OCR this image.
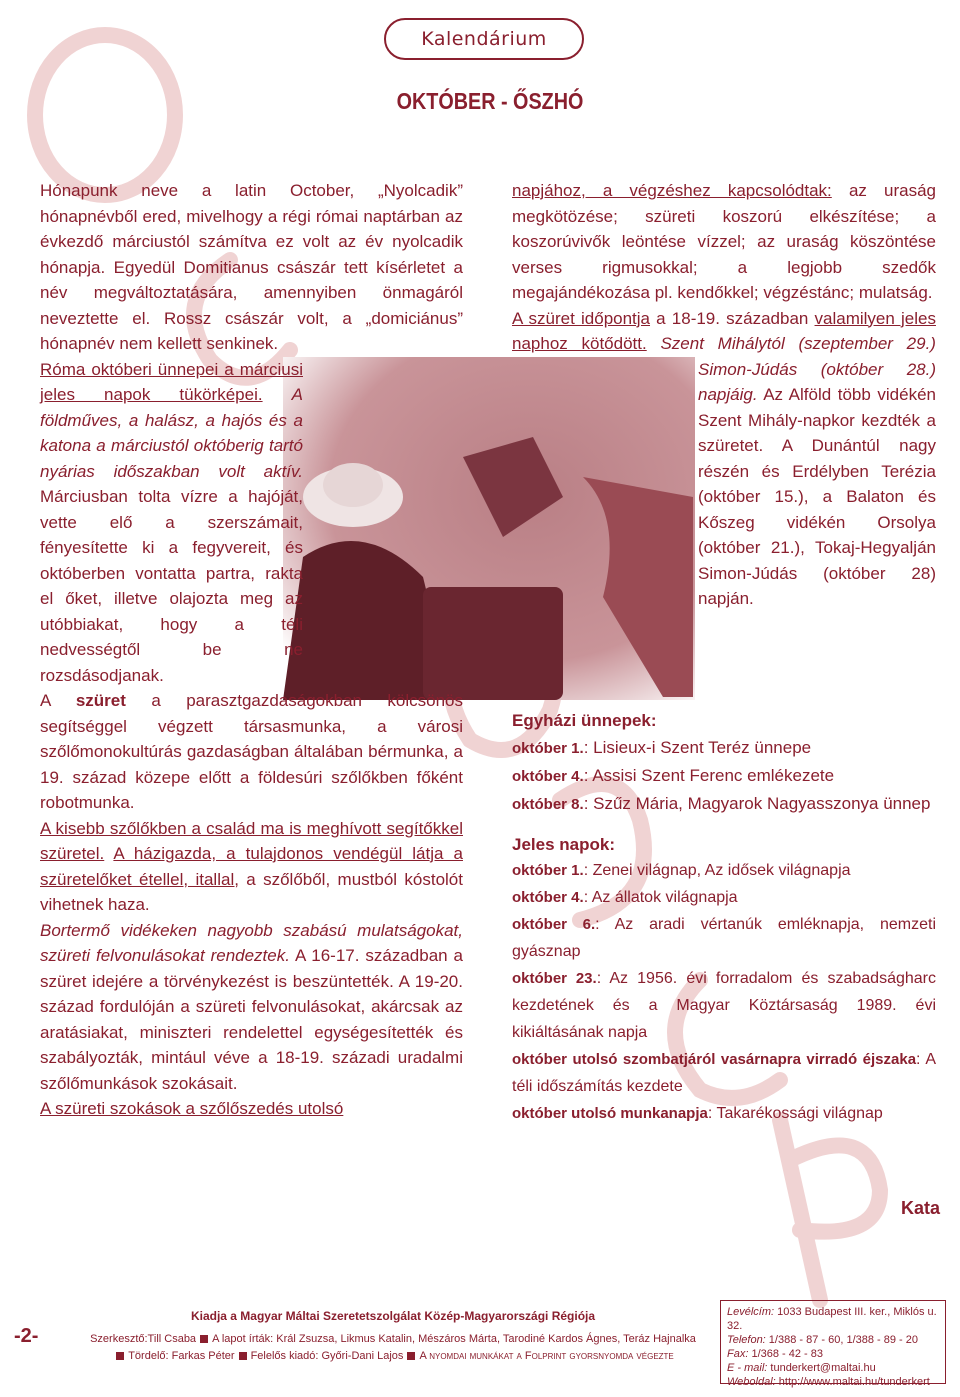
Kalendárium
OKTÓBER - ŐSZHÓ

Hónapunk neve a latin October, „Nyolcadik” hónapnévből ered, mivelhogy a régi római naptárban az évkezdő márciustól számítva ez volt az év nyolcadik hónapja. Egyedül Domitianus császár tett kísérletet a név megváltoztatására, amennyiben önmagáról neveztette el. Rossz császár volt, a „domiciánus” hónapnév nem kellett senkinek.

Róma októberi ünnepei a márciusi jeles napok tükörképei. A földműves, a halász, a hajós és a katona a márciustól októberig tartó nyárias időszakban volt aktív. Márciusban tolta vízre a hajóját, vette elő a szerszámait, fényesítette ki a fegyvereit, és októberben vontatta partra, rakta el őket, illetve olajozta meg az utóbbiakat, hogy a téli nedvességtől be ne rozsdásodjanak.

A szüret a parasztgazdaságokban kölcsönös segítséggel végzett társasmunka, a városi szőlőmonokultúrás gazdaságban általában bérmunka, a 19. század közepe előtt a földesúri szőlőkben főként robotmunka.

A kisebb szőlőkben a család ma is meghívott segítőkkel szüretel. A házigazda, a tulajdonos vendégül látja a szüretelőket étellel, itallal, a szőlőből, mustból kóstolót vihetnek haza.

Bortermő vidékeken nagyobb szabású mulatságokat, szüreti felvonulásokat rendeztek. A 16-17. században a szüret idejére a törvénykezést is beszüntették. A 19-20. század fordulóján a szüreti felvonulásokat, akárcsak az aratásiakat, miniszteri rendelettel egységesítették és szabályozták, mintául véve a 18-19. századi uradalmi szőlőmunkások szokásait.

A szüreti szokások a szőlőszedés utolsó

napjához, a végzéshez kapcsolódtak: az uraság megkötözése; szüreti koszorú elkészítése; a koszorúvivők leöntése vízzel; az uraság köszöntése verses rigmusokkal; a legjobb szedők megajándékozása pl. kendőkkel; végzéstánc; mulatság.

A szüret időpontja a 18-19. században valamilyen jeles naphoz kötődött. Szent Mihálytól (szeptember 29.) Simon-Júdás (október 28.) napjáig. Az Alföld több vidékén Szent Mihály-napkor kezdték a szüretet. A Dunántúl nagy részén és Erdélyben Terézia (október 15.), a Balaton és Kőszeg vidékén Orsolya (október 21.), Tokaj-Hegyalján Simon-Júdás (október 28) napján.

Egyházi ünnepek:
október 1.: Lisieux-i Szent Teréz ünnepe
október 4.: Assisi Szent Ferenc emlékezete
október 8.: Szűz Mária, Magyarok Nagyasszonya ünnep
Jeles napok:
október 1.: Zenei világnap, Az idősek világnapja
október 4.: Az állatok világnapja
október 6.: Az aradi vértanúk emléknapja, nemzeti gyásznap
október 23.: Az 1956. évi forradalom és szabadságharc kezdetének és a Magyar Köztársaság 1989. évi kikiáltásának napja
október utolsó szombatjáról vasárnapra virradó éjszaka: A téli időszámítás kezdete
október utolsó munkanapja: Takarékossági világnap
Kata
-2-
Kiadja a Magyar Máltai Szeretetszolgálat Közép-Magyarországi Régiója
Szerkesztő:Till Csaba A lapot írták: Král Zsuzsa, Likmus Katalin, Mészáros Márta, Tarodiné Kardos Ágnes, Teráz Hajnalka
Tördelő: Farkas Péter Felelős kiadó: Győri-Dani Lajos A nyomdai munkákat a Folprint gyorsnyomda végezte
Levélcím: 1033 Budapest III. ker., Miklós u. 32.
Telefon: 1/388 - 87 - 60, 1/388 - 89 - 20
Fax: 1/368 - 42 - 83
E - mail: tunderkert@maltai.hu
Weboldal: http://www.maltai.hu/tunderkert
